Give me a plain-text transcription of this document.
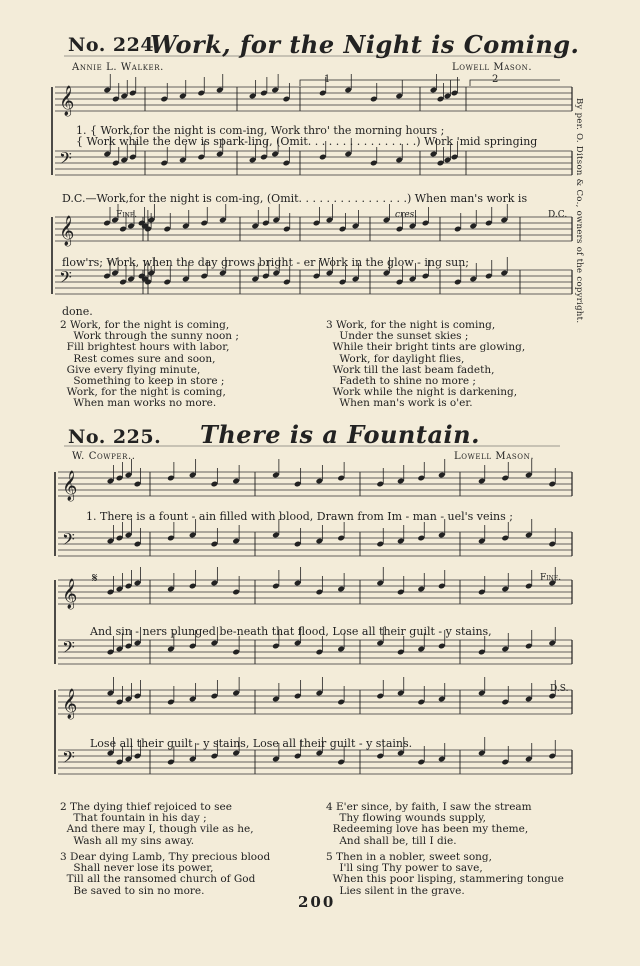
𝄞
𝄢
𝄞
𝄢
𝄞
𝄢
𝄞
𝄢
𝄞
𝄢
No. 224.
Work, for the Night is Coming.
Annie L. Walker.	Lowell Mason.
1	2
1. { Work,for the night is com-ing, Work thro' the morning hours ;
{ Work while the dew is spark-ling, (Omit. . . . . . . . . . . . . . . .) Work 'mid springing
D.C.—Work,for the night is com-ing, (Omit. . . . . . . . . . . . . . . .) When man's work is
Fine.	cres.	D.C.
flow'rs; Work, when the day grows bright - er Work in the glow - ing sun;
done.	By per. O. Ditson & Co., owners of the copyright.
2 Work, for the night is coming,
Work through the sunny noon ;
Fill brightest hours with labor,
Rest comes sure and soon,
Give every flying minute,
Something to keep in store ;
Work, for the night is coming,
When man works no more.
3 Work, for the night is coming,
Under the sunset skies ;
While their bright tints are glowing,
Work, for daylight flies,
Work till the last beam fadeth,
Fadeth to shine no more ;
Work while the night is darkening,
When man's work is o'er.
No. 225. There is a Fountain.
W. Cowper..	Lowell Mason.
1. There is a fount - ain filled with blood, Drawn from Im - man - uel's veins ;
𝄋	Fine.
And sin - ners plunged be-neath that flood, Lose all their guilt - y stains,
D.S.
Lose all their guilt - y stains, Lose all their guilt - y stains.
2 The dying thief rejoiced to see
That fountain in his day ;
And there may I, though vile as he,
Wash all my sins away.
3 Dear dying Lamb, Thy precious blood
Shall never lose its power,
Till all the ransomed church of God
Be saved to sin no more.
4 E'er since, by faith, I saw the stream
Thy flowing wounds supply,
Redeeming love has been my theme,
And shall be, till I die.
5 Then in a nobler, sweet song,
I'll sing Thy power to save,
When this poor lisping, stammering tongue
Lies silent in the grave.
200
